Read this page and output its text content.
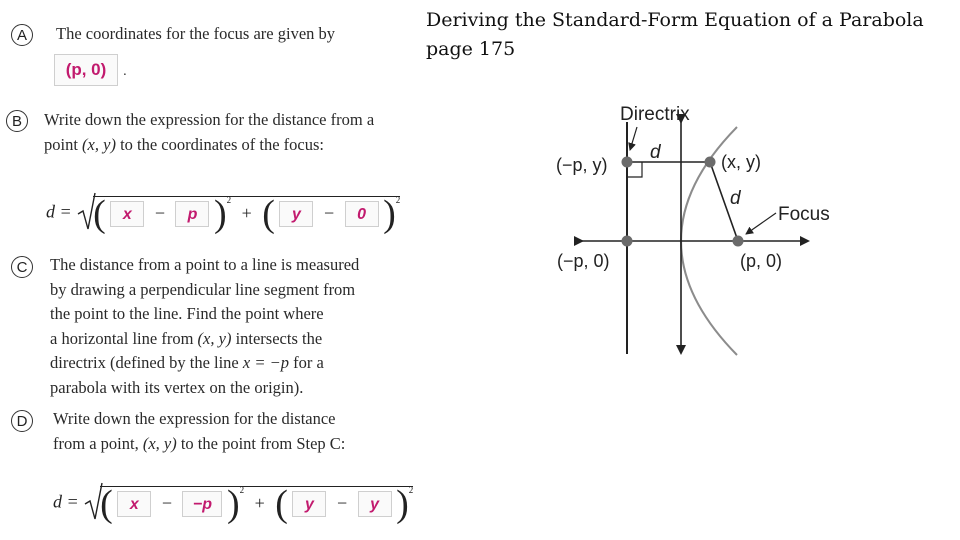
Deriving the Standard-Form Equation of a Parabola
page 175
A	The coordinates for the focus are given by
(p, 0) .
B	Write down the expression for the distance from a point (x, y) to the coordinates of the focus:
d = ( x − p )$^2$ + ( y − 0 )$^2$
C	The distance from a point to a line is measured
by drawing a perpendicular line segment from
the point to the line. Find the point where
a horizontal line from (x, y) intersects the
directrix (defined by the line x = −p for a
parabola with its vertex on the origin).
D	Write down the expression for the distance
from a point, (x, y) to the point from Step C:
d = ( x − −p )$^2$ + ( y − y )$^2$
Directrix
(−p, y)
d	(x, y)
d
Focus
(−p, 0)	(p, 0)
